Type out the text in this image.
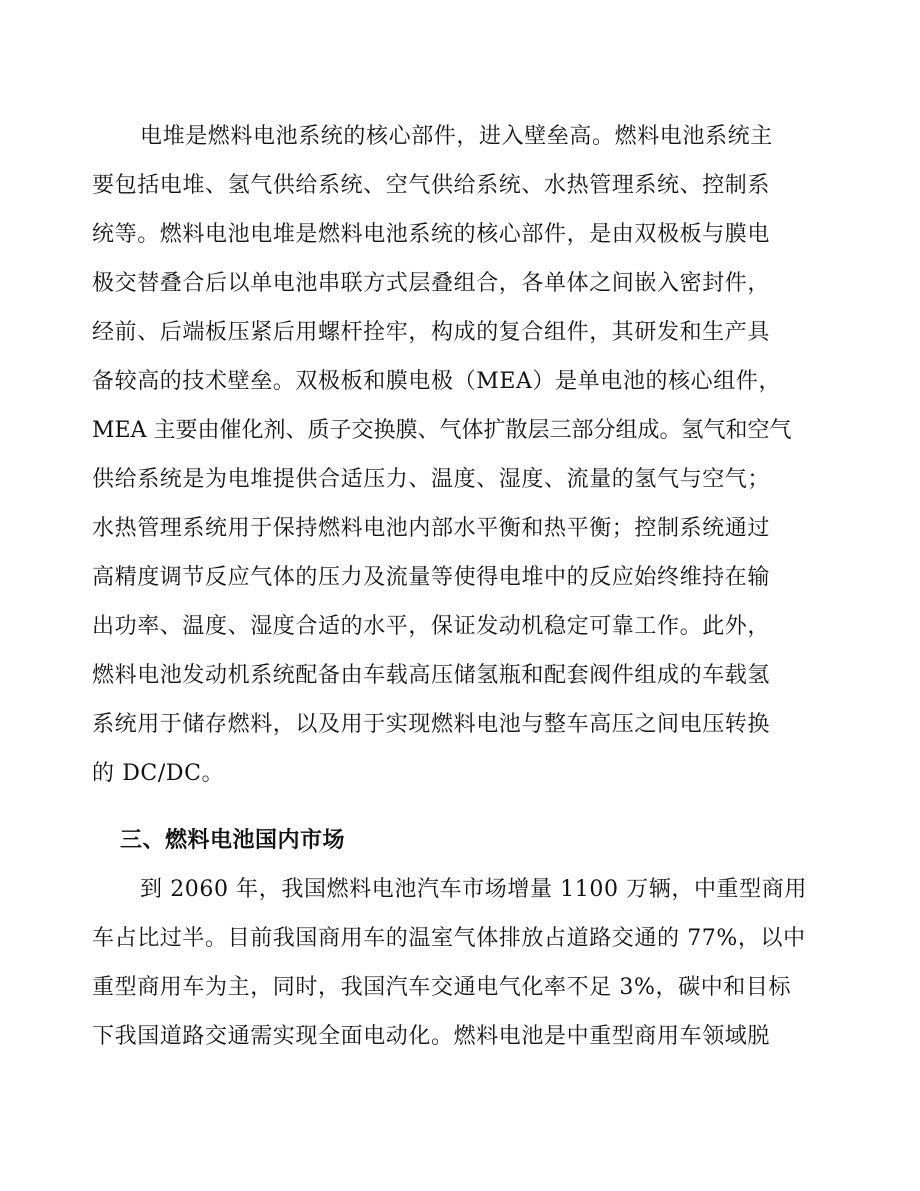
电堆是燃料电池系统的核心部件，进入壁垒高。燃料电池系统主
要包括电堆、氢气供给系统、空气供给系统、水热管理系统、控制系
统等。燃料电池电堆是燃料电池系统的核心部件，是由双极板与膜电
极交替叠合后以单电池串联方式层叠组合，各单体之间嵌入密封件，
经前、后端板压紧后用螺杆拴牢，构成的复合组件，其研发和生产具
备较高的技术壁垒。双极板和膜电极（MEA）是单电池的核心组件，
MEA 主要由催化剂、质子交换膜、气体扩散层三部分组成。氢气和空气
供给系统是为电堆提供合适压力、温度、湿度、流量的氢气与空气；
水热管理系统用于保持燃料电池内部水平衡和热平衡；控制系统通过
高精度调节反应气体的压力及流量等使得电堆中的反应始终维持在输
出功率、温度、湿度合适的水平，保证发动机稳定可靠工作。此外，
燃料电池发动机系统配备由车载高压储氢瓶和配套阀件组成的车载氢
系统用于储存燃料，以及用于实现燃料电池与整车高压之间电压转换
的 DC/DC。
三、燃料电池国内市场
到 2060 年，我国燃料电池汽车市场增量 1100 万辆，中重型商用
车占比过半。目前我国商用车的温室气体排放占道路交通的 77%，以中
重型商用车为主，同时，我国汽车交通电气化率不足 3%，碳中和目标
下我国道路交通需实现全面电动化。燃料电池是中重型商用车领域脱
